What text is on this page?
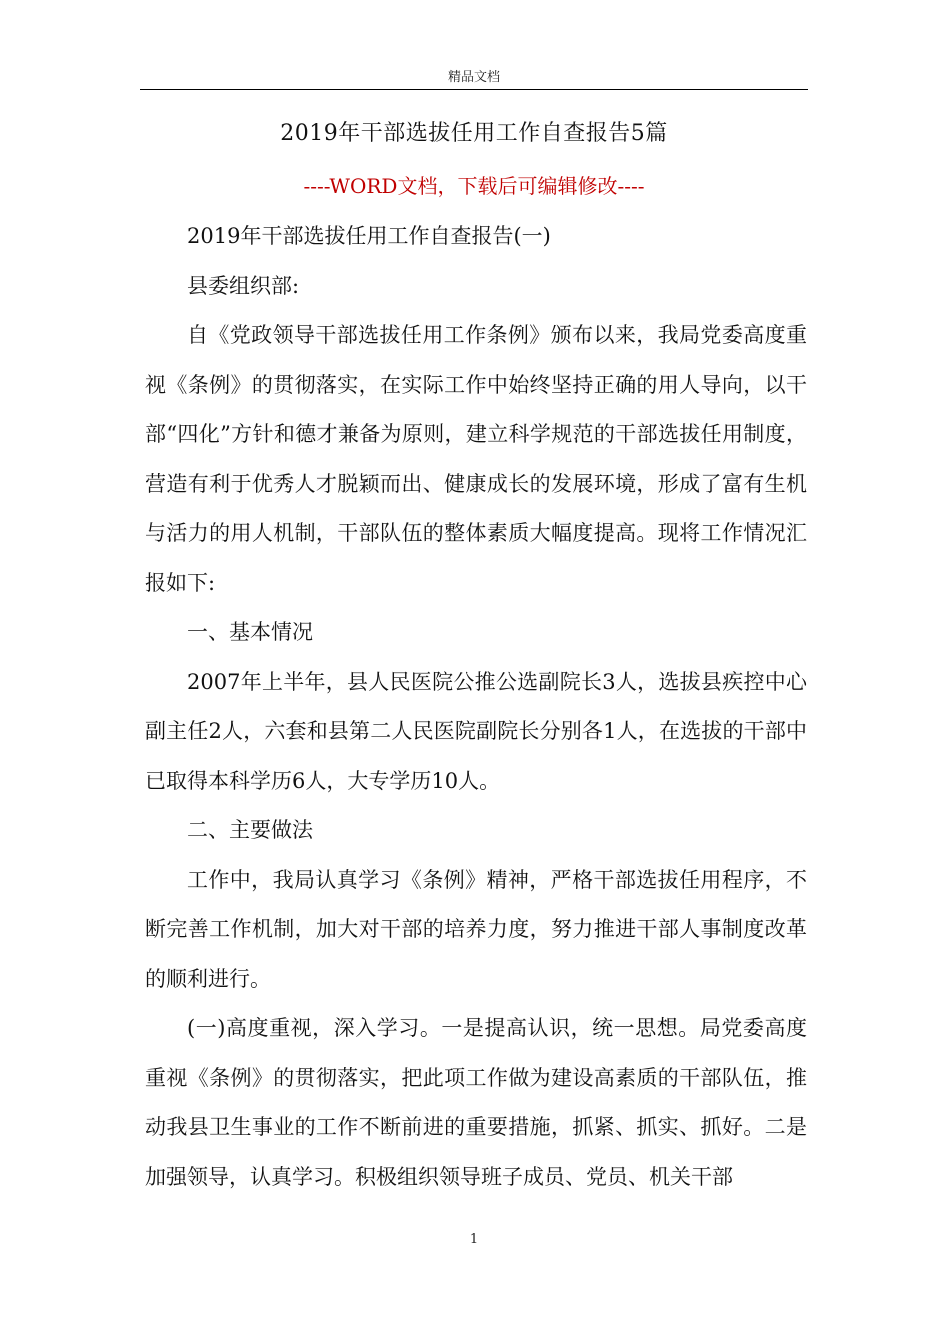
精品文档
2019年干部选拔任用工作自查报告5篇
----WORD文档，下载后可编辑修改----

2019年干部选拔任用工作自查报告(一)

县委组织部:

自《党政领导干部选拔任用工作条例》颁布以来，我局党委高度重视《条例》的贯彻落实，在实际工作中始终坚持正确的用人导向，以干部“四化”方针和德才兼备为原则，建立科学规范的干部选拔任用制度，营造有利于优秀人才脱颖而出、健康成长的发展环境，形成了富有生机与活力的用人机制，干部队伍的整体素质大幅度提高。现将工作情况汇报如下:

一、基本情况

2007年上半年，县人民医院公推公选副院长3人，选拔县疾控中心副主任2人，六套和县第二人民医院副院长分别各1人，在选拔的干部中已取得本科学历6人，大专学历10人。

二、主要做法

工作中，我局认真学习《条例》精神，严格干部选拔任用程序，不断完善工作机制，加大对干部的培养力度，努力推进干部人事制度改革的顺利进行。

(一)高度重视，深入学习。一是提高认识，统一思想。局党委高度重视《条例》的贯彻落实，把此项工作做为建设高素质的干部队伍，推动我县卫生事业的工作不断前进的重要措施，抓紧、抓实、抓好。二是加强领导，认真学习。积极组织领导班子成员、党员、机关干部

1
